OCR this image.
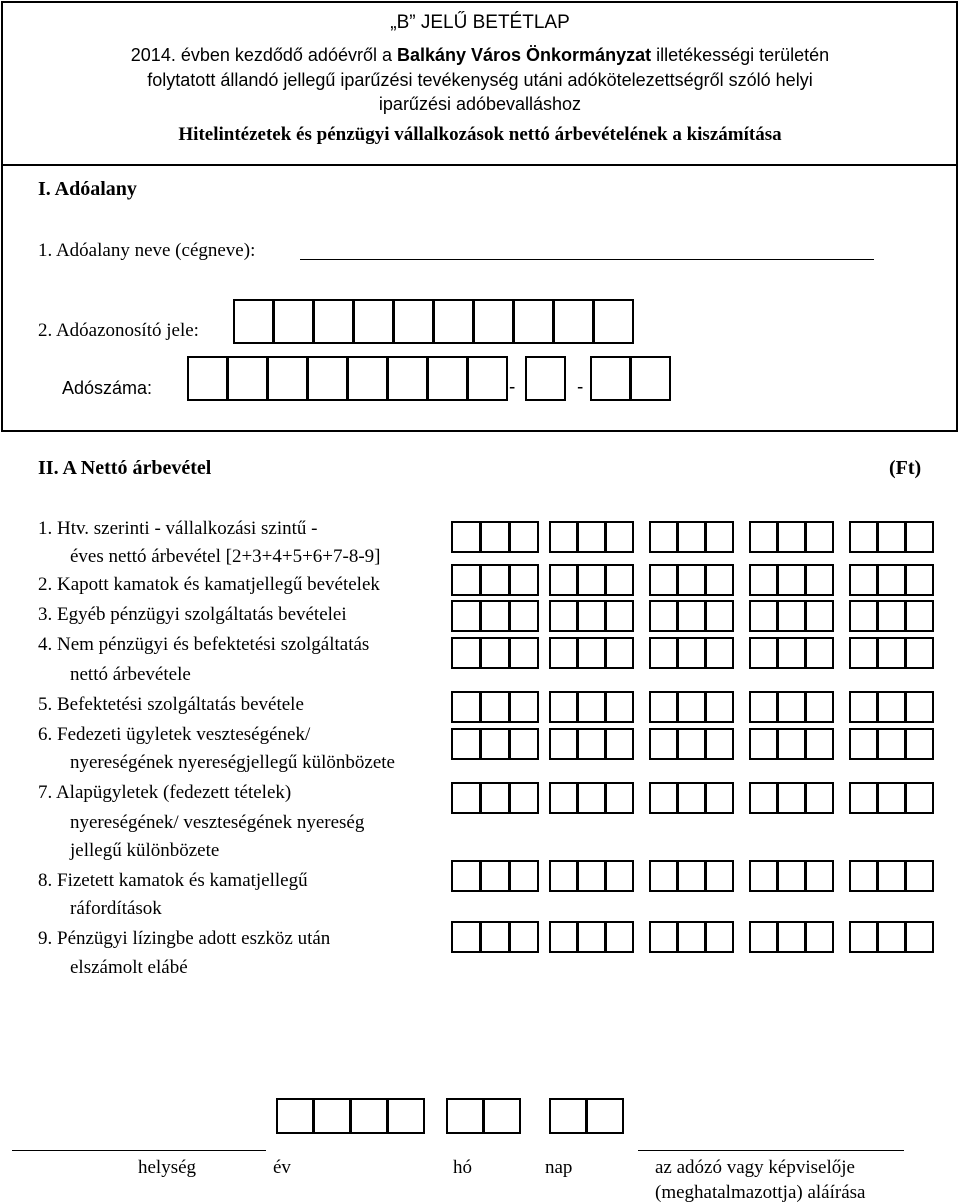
„B” JELŰ BETÉTLAP
2014. évben kezdődő adóévről a Balkány Város Önkormányzat illetékességi területén
folytatott állandó jellegű iparűzési tevékenység utáni adókötelezettségről szóló helyi
iparűzési adóbevalláshoz
Hitelintézetek és pénzügyi vállalkozások nettó árbevételének a kiszámítása
I. Adóalany
1. Adóalany neve (cégneve):
2. Adóazonosító jele:
Adószáma:	-	-
II. A Nettó árbevétel	(Ft)
1. Htv. szerinti - vállalkozási szintű -
éves nettó árbevétel [2+3+4+5+6+7-8-9]
2. Kapott kamatok és kamatjellegű bevételek
3. Egyéb pénzügyi szolgáltatás bevételei
4. Nem pénzügyi és befektetési szolgáltatás
nettó árbevétele
5. Befektetési szolgáltatás bevétele
6. Fedezeti ügyletek veszteségének/
nyereségének nyereségjellegű különbözete
7. Alapügyletek (fedezett tételek)
nyereségének/ veszteségének nyereség
jellegű különbözete
8. Fizetett kamatok és kamatjellegű
ráfordítások
9. Pénzügyi lízingbe adott eszköz után
elszámolt elábé
helység	év	hó	nap	az adózó vagy képviselője
(meghatalmazottja) aláírása
